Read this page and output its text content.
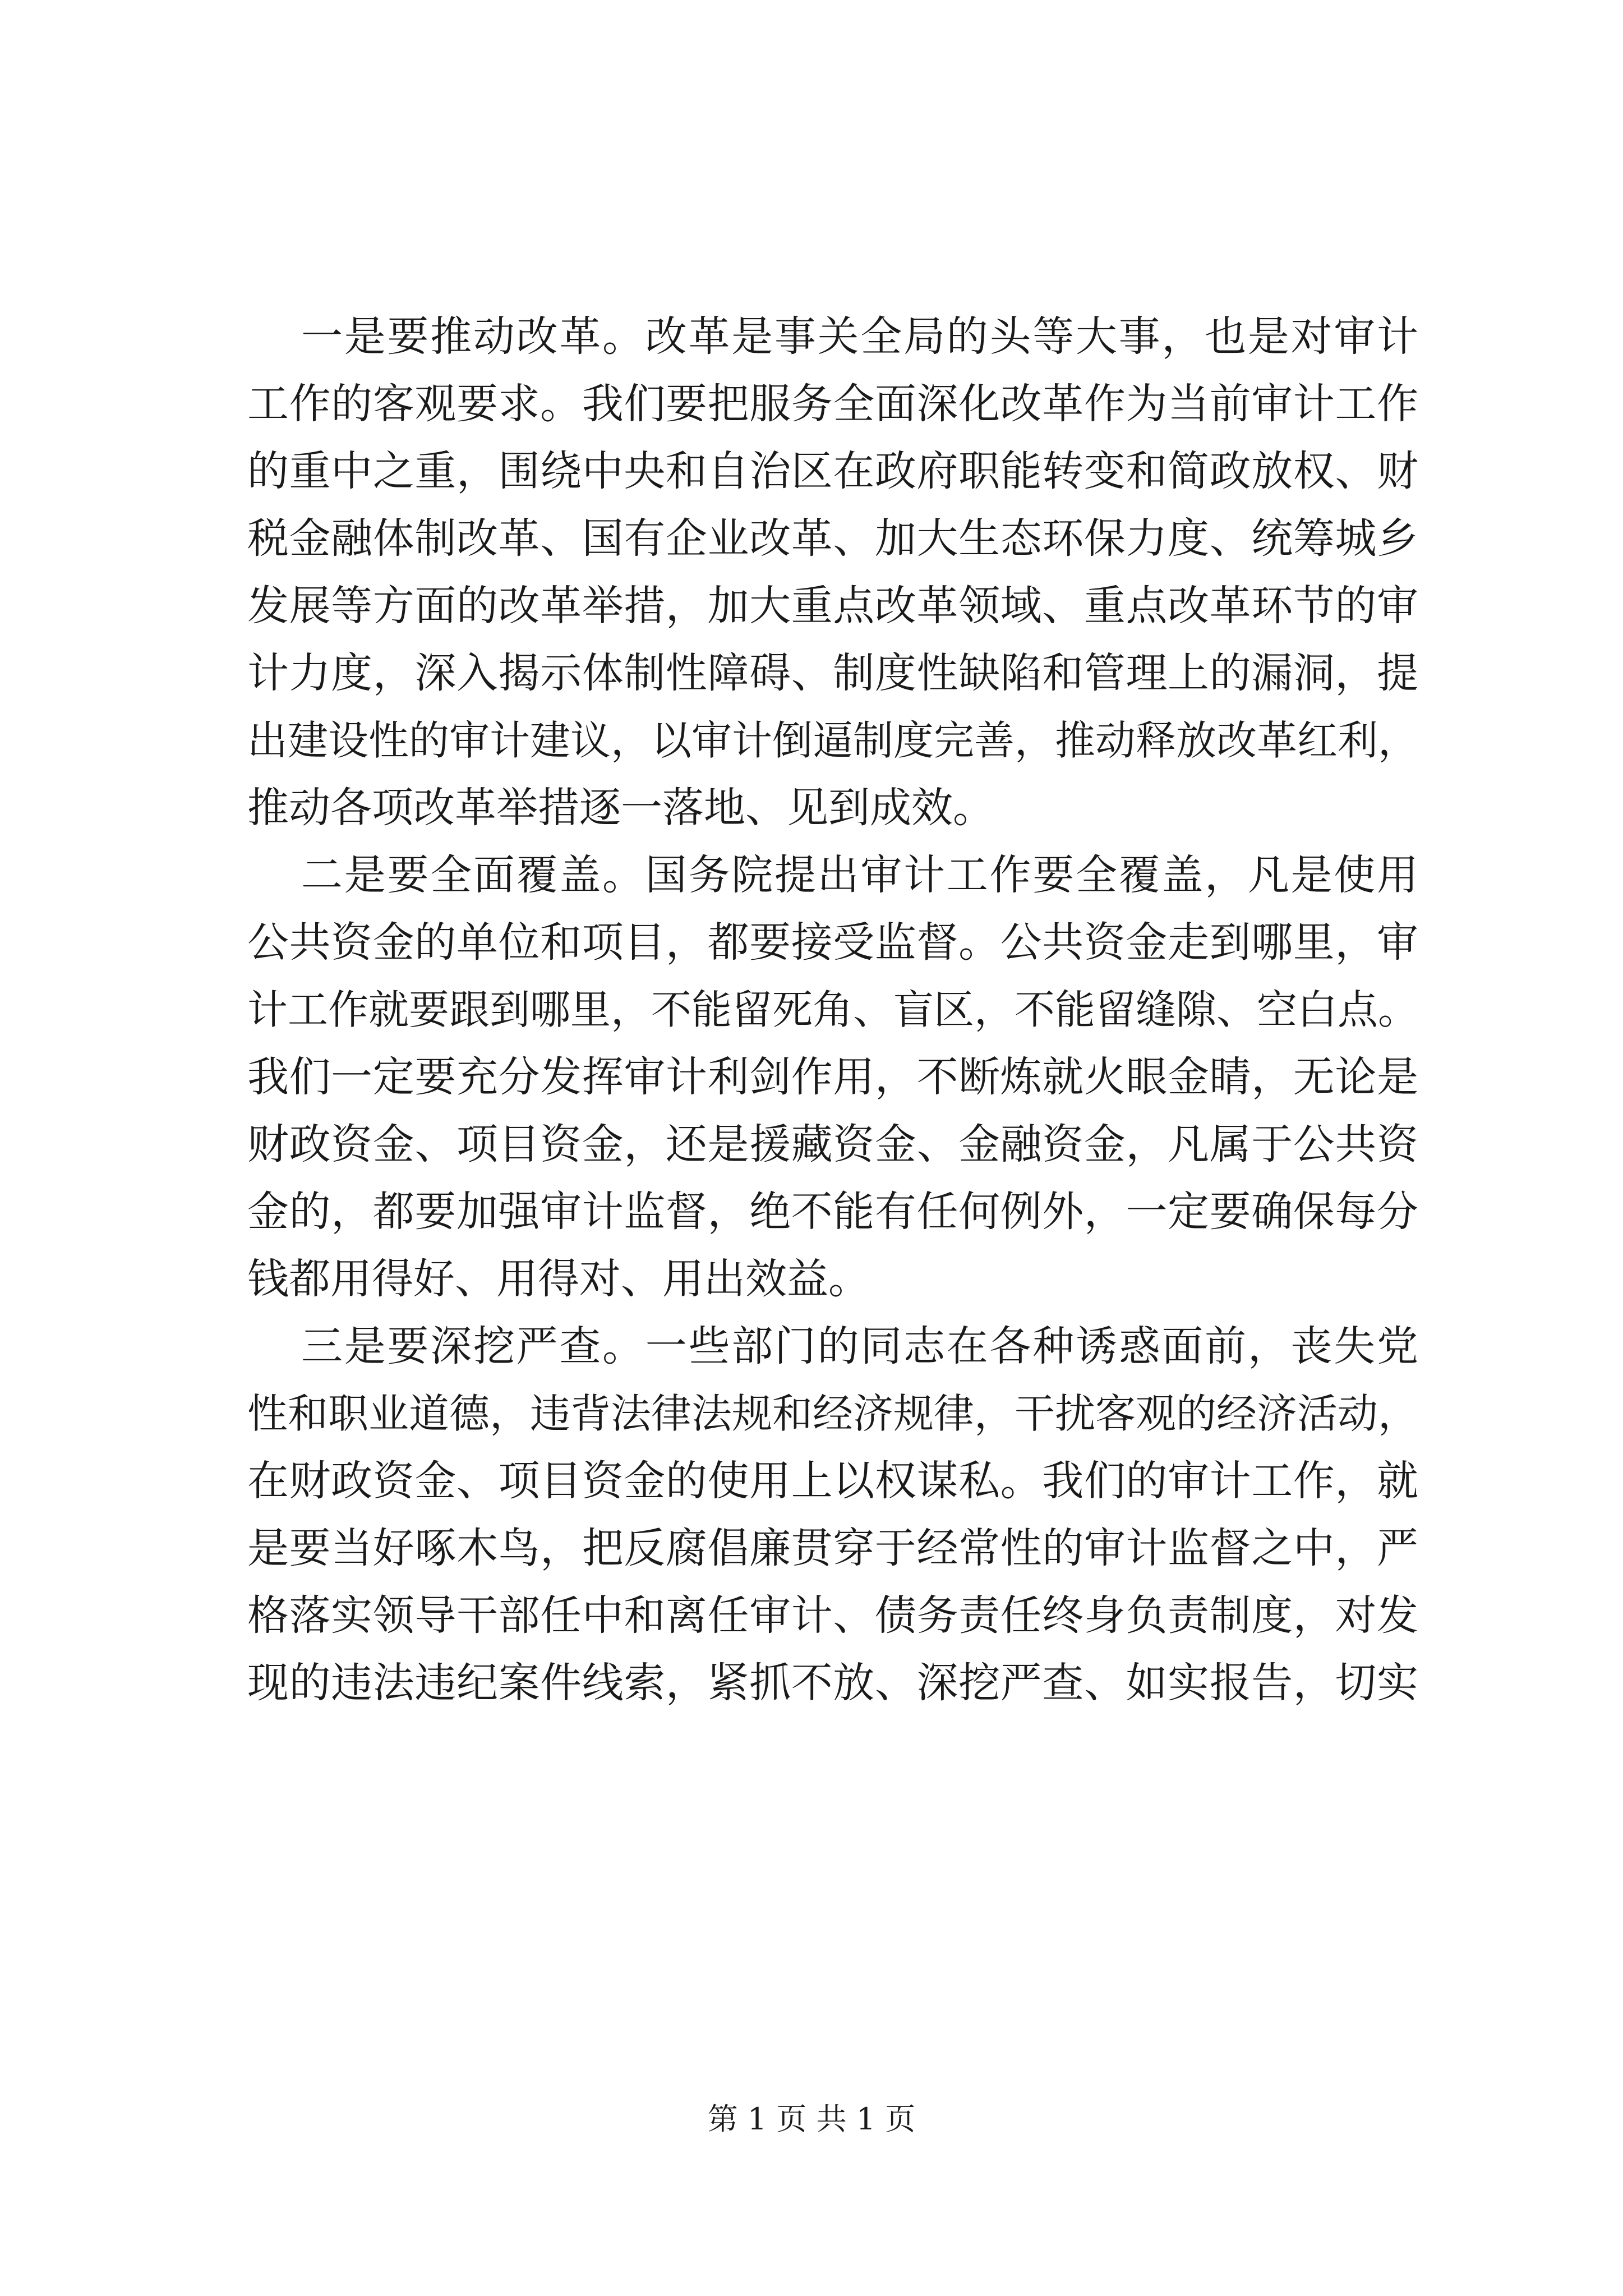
一是要推动改革。改革是事关全局的头等大事，也是对审计
工作的客观要求。我们要把服务全面深化改革作为当前审计工作
的重中之重，围绕中央和自治区在政府职能转变和简政放权、财
税金融体制改革、国有企业改革、加大生态环保力度、统筹城乡
发展等方面的改革举措，加大重点改革领域、重点改革环节的审
计力度，深入揭示体制性障碍、制度性缺陷和管理上的漏洞，提
出建设性的审计建议，以审计倒逼制度完善，推动释放改革红利，
推动各项改革举措逐一落地、见到成效。
二是要全面覆盖。国务院提出审计工作要全覆盖，凡是使用
公共资金的单位和项目，都要接受监督。公共资金走到哪里，审
计工作就要跟到哪里，不能留死角、盲区，不能留缝隙、空白点。
我们一定要充分发挥审计利剑作用，不断炼就火眼金睛，无论是
财政资金、项目资金，还是援藏资金、金融资金，凡属于公共资
金的，都要加强审计监督，绝不能有任何例外，一定要确保每分
钱都用得好、用得对、用出效益。
三是要深挖严查。一些部门的同志在各种诱惑面前，丧失党
性和职业道德，违背法律法规和经济规律，干扰客观的经济活动，
在财政资金、项目资金的使用上以权谋私。我们的审计工作，就
是要当好啄木鸟，把反腐倡廉贯穿于经常性的审计监督之中，严
格落实领导干部任中和离任审计、债务责任终身负责制度，对发
现的违法违纪案件线索，紧抓不放、深挖严查、如实报告，切实
第 1 页 共 1 页
